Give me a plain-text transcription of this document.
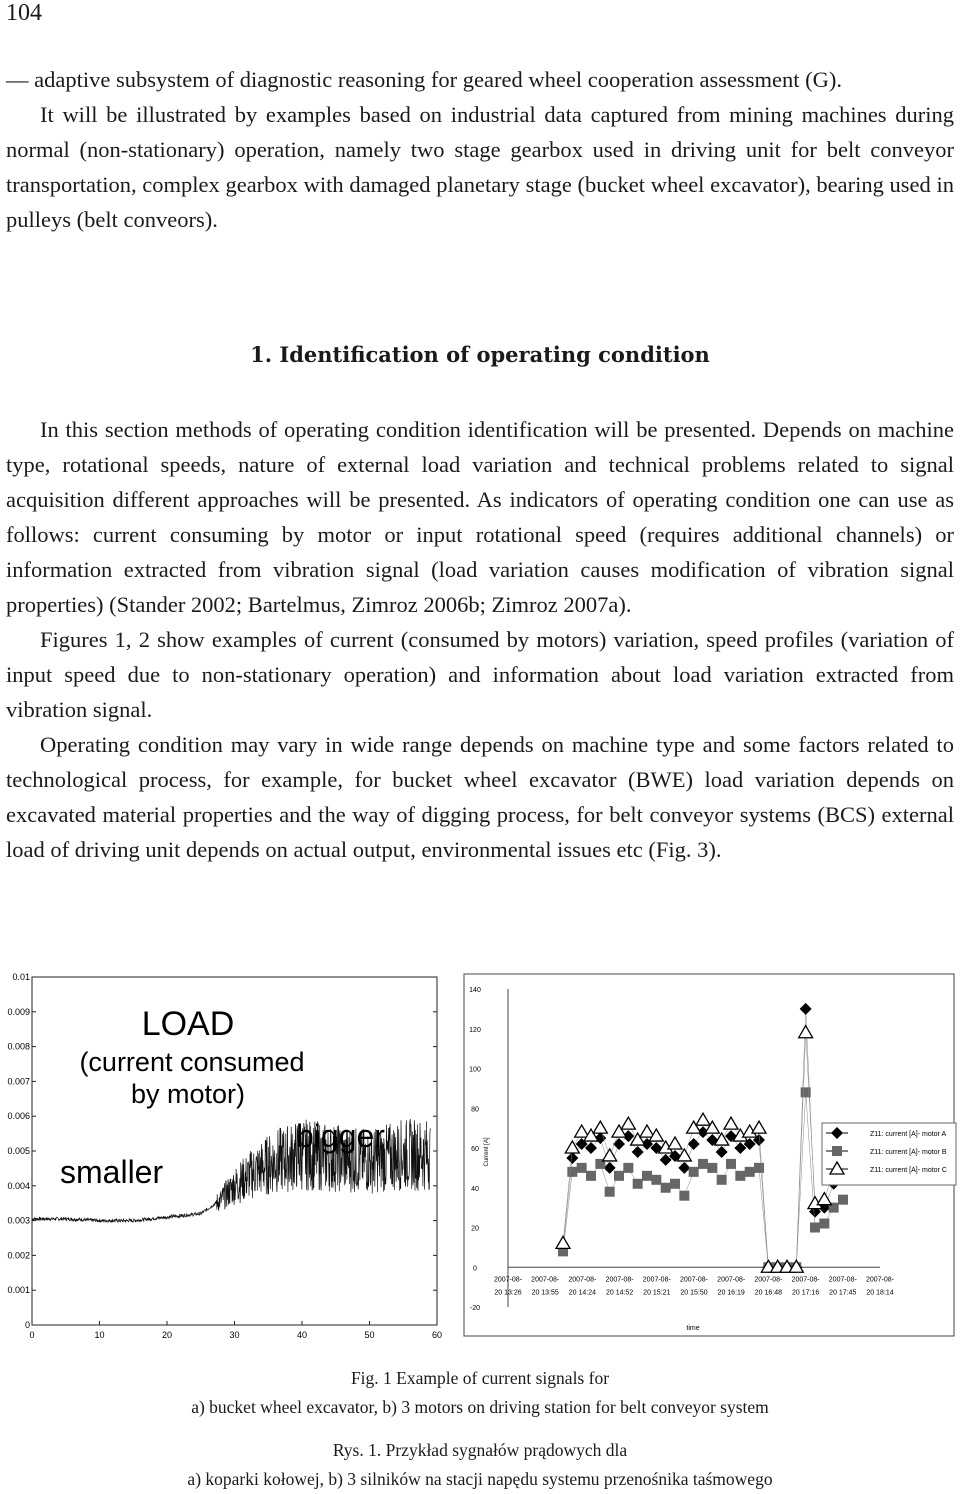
104

— adaptive subsystem of diagnostic reasoning for geared wheel cooperation assessment (G).

It will be illustrated by examples based on industrial data captured from mining machines during normal (non-stationary) operation, namely two stage gearbox used in driving unit for belt conveyor transportation, complex gearbox with damaged planetary stage (bucket wheel excavator), bearing used in pulleys (belt conveors).

1. Identification of operating condition

In this section methods of operating condition identification will be presented. Depends on machine type, rotational speeds, nature of external load variation and technical problems related to signal acquisition different approaches will be presented. As indicators of operating condition one can use as follows: current consuming by motor or input rotational speed (requires additional channels) or information extracted from vibration signal (load variation causes modification of vibration signal properties) (Stander 2002; Bartelmus, Zimroz 2006b; Zimroz 2007a).

Figures 1, 2 show examples of current (consumed by motors) variation, speed profiles (variation of input speed due to non-stationary operation) and information about load variation extracted from vibration signal.

Operating condition may vary in wide range depends on machine type and some factors related to technological process, for example, for bucket wheel excavator (BWE) load variation depends on excavated material properties and the way of digging process, for belt conveyor systems (BCS) external load of driving unit depends on actual output, environmental issues etc (Fig. 3).

0
0.001
0.002
0.003
0.004
0.005
0.006
0.007
0.008
0.009
0.01
0	10	20	30	40	50	60
LOAD
(current consumed
by motor)
bigger
smaller
-20
0
20
40
60
80
100
120
140
2007-08-
20 13:26
2007-08-
20 13:55
2007-08-
20 14:24
2007-08-
20 14:52
2007-08-
20 15:21
2007-08-
20 15:50
2007-08-
20 16:19
2007-08-
20 16:48
2007-08-
20 17:16
2007-08-
20 17:45
2007-08-
20 18:14
Z11: current [A]- motor A
Z11: current [A]- motor B
Z11: current [A]- motor C
Current [A]
time
Fig. 1 Example of current signals for
a) bucket wheel excavator, b) 3 motors on driving station for belt conveyor system
Rys. 1. Przykład sygnałów prądowych dla
a) koparki kołowej, b) 3 silników na stacji napędu systemu przenośnika taśmowego
